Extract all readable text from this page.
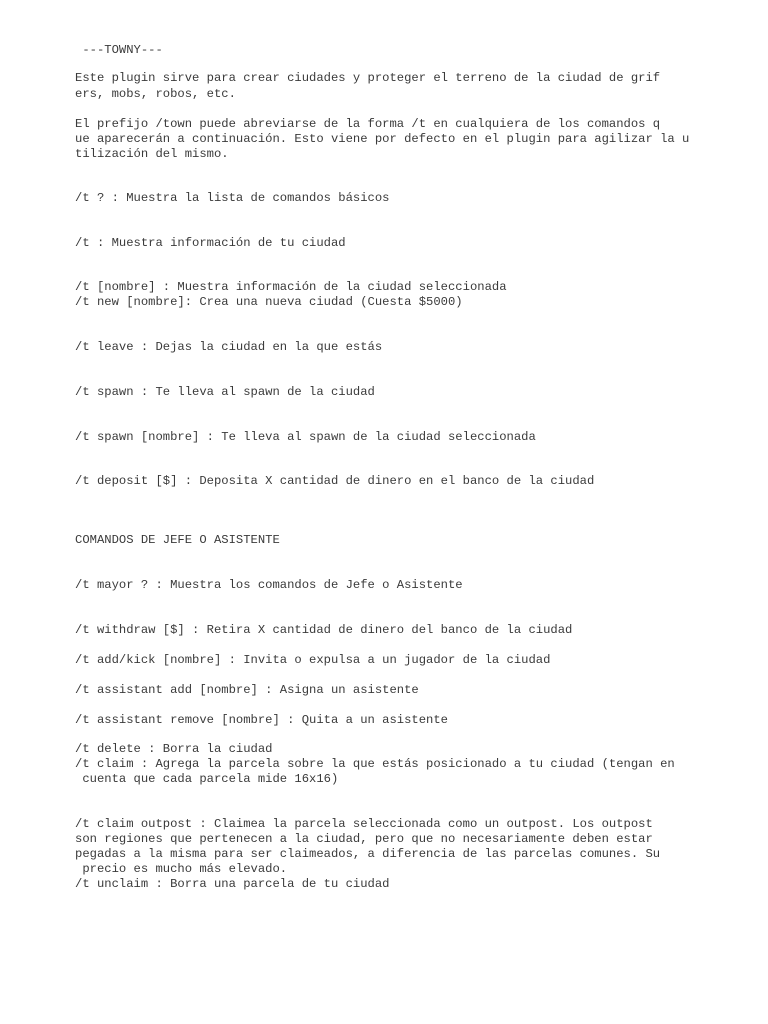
---TOWNY---

Este plugin sirve para crear ciudades y proteger el terreno de la ciudad de grif

ers, mobs, robos, etc.

El prefijo /town puede abreviarse de la forma /t en cualquiera de los comandos q

ue aparecerán a continuación. Esto viene por defecto en el plugin para agilizar la u

tilización del mismo.

/t ? : Muestra la lista de comandos básicos

/t : Muestra información de tu ciudad

/t [nombre] : Muestra información de la ciudad seleccionada

/t new [nombre]: Crea una nueva ciudad (Cuesta $5000)

/t leave : Dejas la ciudad en la que estás

/t spawn : Te lleva al spawn de la ciudad

/t spawn [nombre] : Te lleva al spawn de la ciudad seleccionada

/t deposit [$] : Deposita X cantidad de dinero en el banco de la ciudad

COMANDOS DE JEFE O ASISTENTE

/t mayor ? : Muestra los comandos de Jefe o Asistente

/t withdraw [$] : Retira X cantidad de dinero del banco de la ciudad

/t add/kick [nombre] : Invita o expulsa a un jugador de la ciudad

/t assistant add [nombre] : Asigna un asistente

/t assistant remove [nombre] : Quita a un asistente

/t delete : Borra la ciudad

/t claim : Agrega la parcela sobre la que estás posicionado a tu ciudad (tengan en

cuenta que cada parcela mide 16x16)

/t claim outpost : Claimea la parcela seleccionada como un outpost. Los outpost

son regiones que pertenecen a la ciudad, pero que no necesariamente deben estar

pegadas a la misma para ser claimeados, a diferencia de las parcelas comunes. Su

precio es mucho más elevado.

/t unclaim : Borra una parcela de tu ciudad
